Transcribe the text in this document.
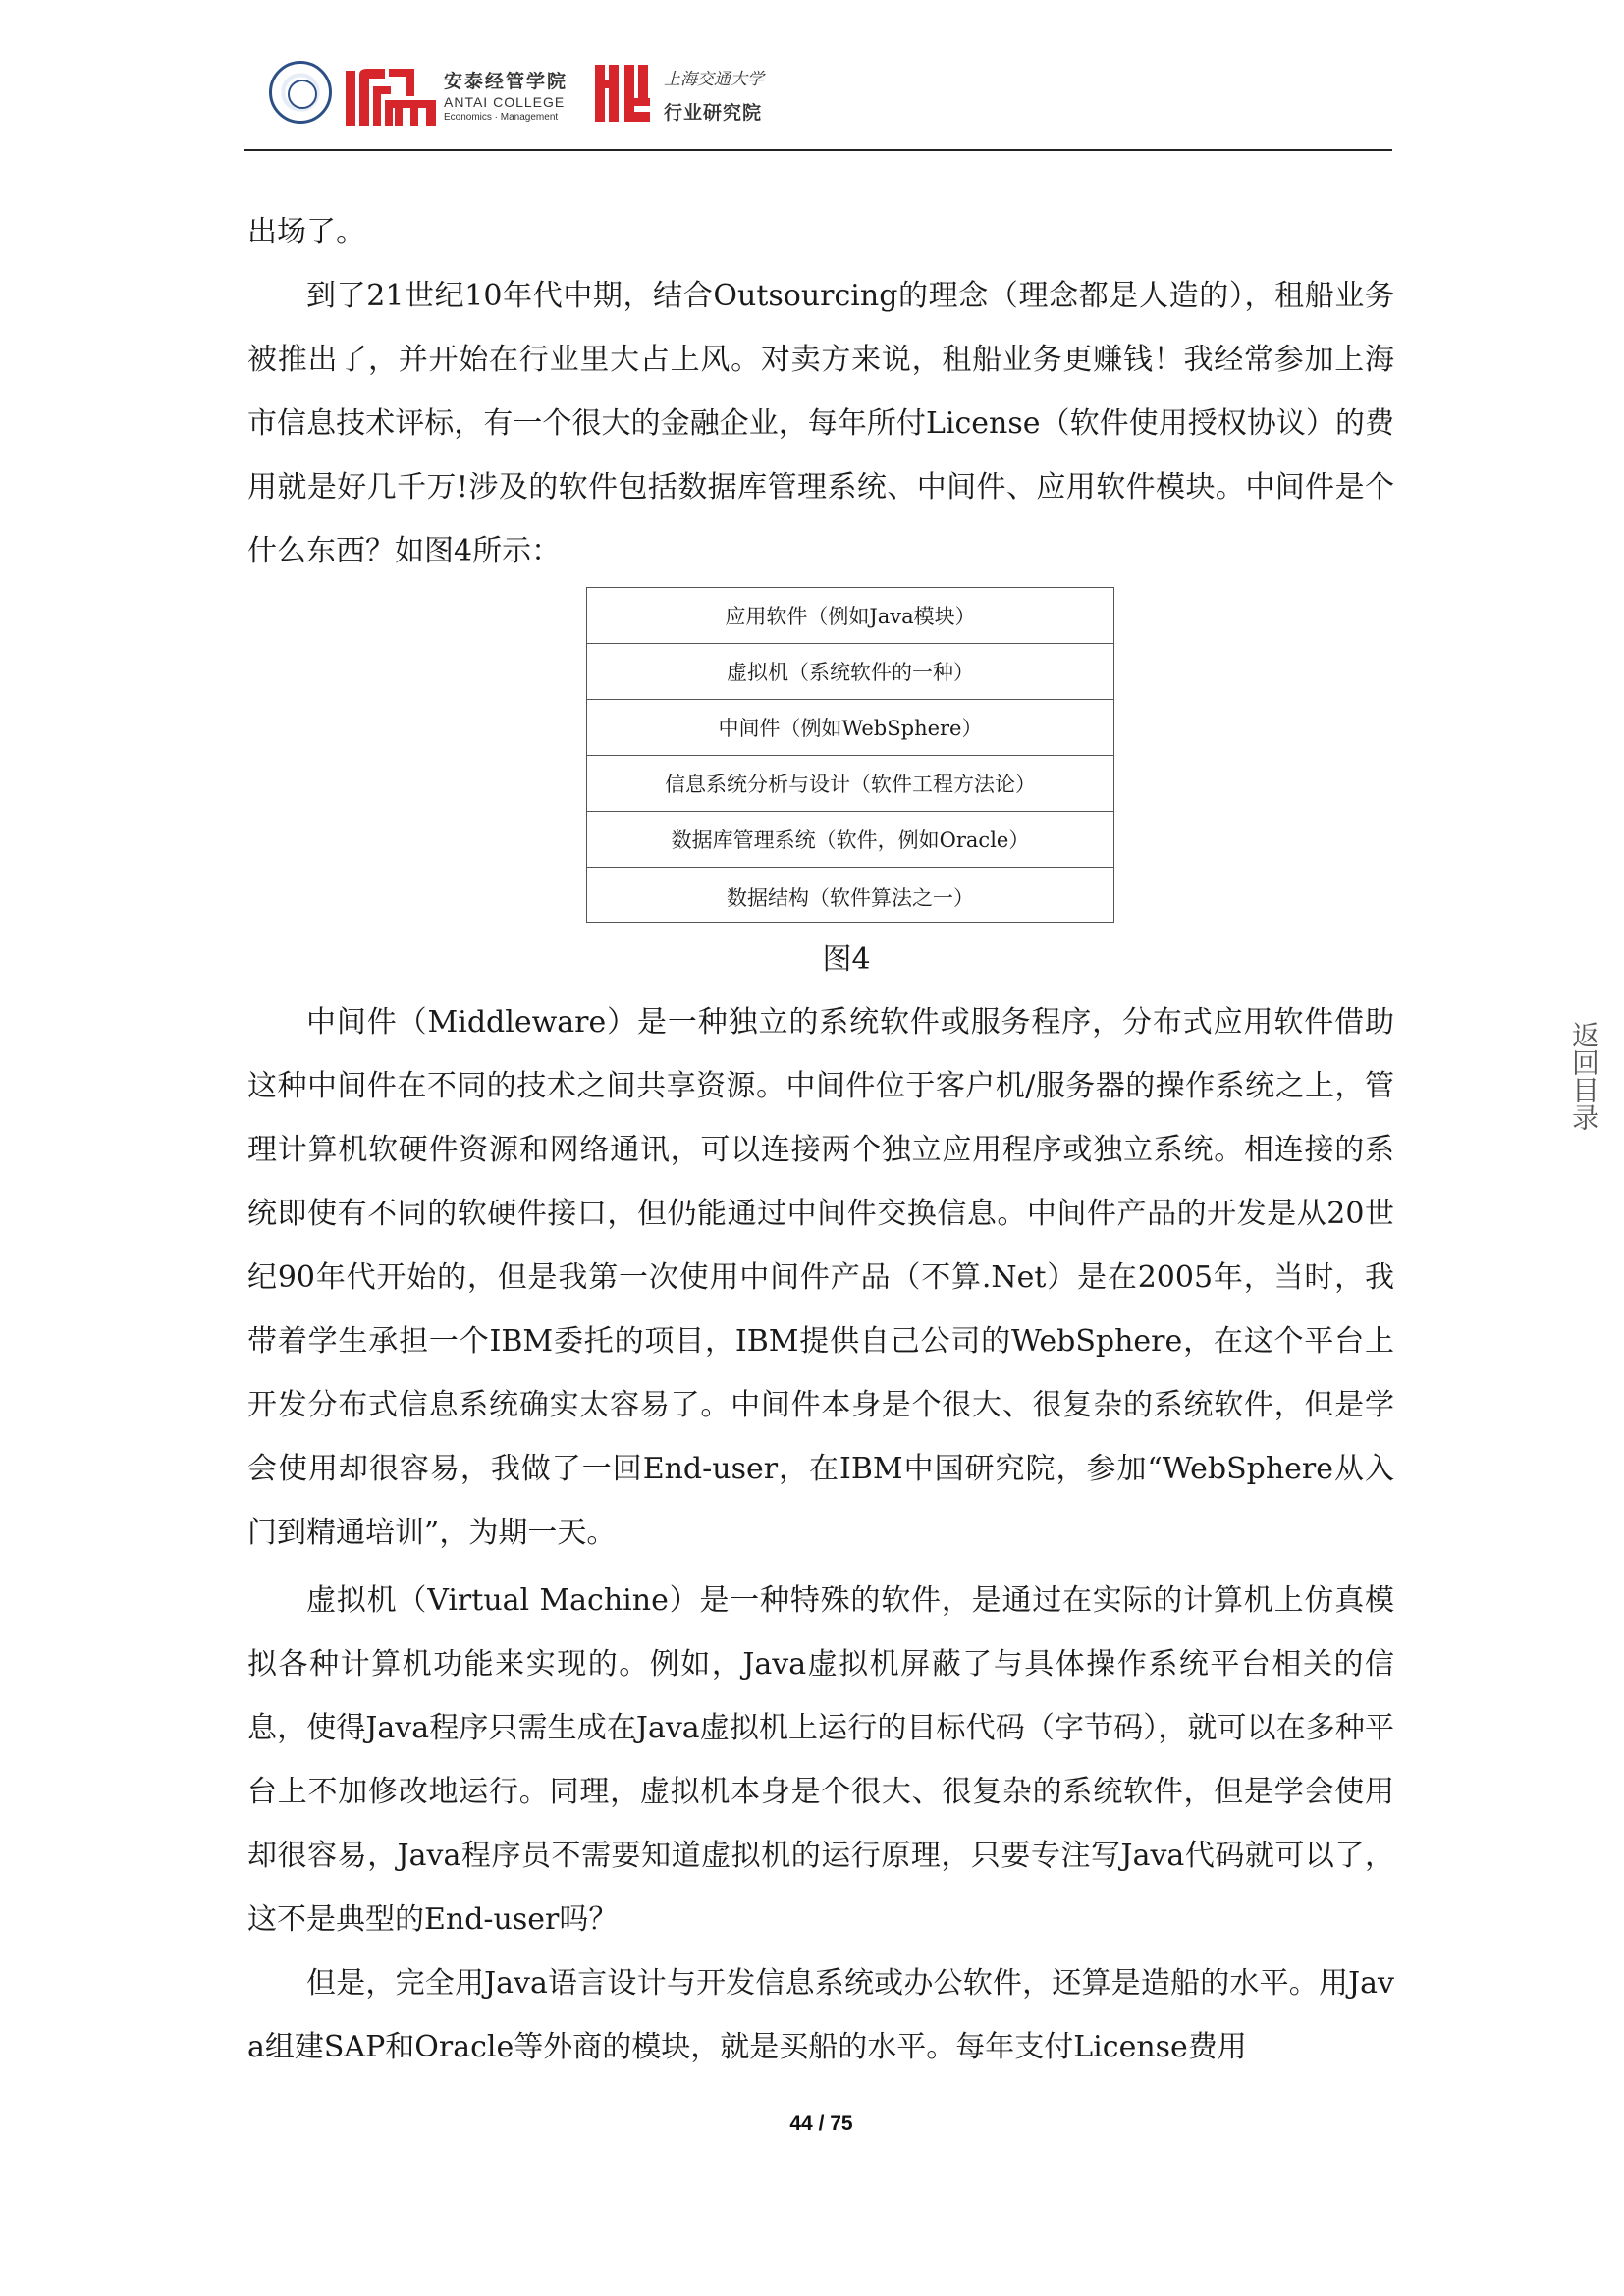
安泰经管学院
ANTAI COLLEGE
Economics · Management
上海交通大学
行业研究院

出场了。

到了21世纪10年代中期，结合Outsourcing的理念（理念都是人造的），租船业务被推出了，并开始在行业里大占上风。对卖方来说，租船业务更赚钱！我经常参加上海市信息技术评标，有一个很大的金融企业，每年所付License（软件使用授权协议）的费用就是好几千万!涉及的软件包括数据库管理系统、中间件、应用软件模块。中间件是个什么东西？如图4所示：

应用软件（例如Java模块）
虚拟机（系统软件的一种）
中间件（例如WebSphere）
信息系统分析与设计（软件工程方法论）
数据库管理系统（软件，例如Oracle）
数据结构（软件算法之一）
图4

中间件（Middleware）是一种独立的系统软件或服务程序，分布式应用软件借助这种中间件在不同的技术之间共享资源。中间件位于客户机/服务器的操作系统之上，管理计算机软硬件资源和网络通讯，可以连接两个独立应用程序或独立系统。相连接的系统即使有不同的软硬件接口，但仍能通过中间件交换信息。中间件产品的开发是从20世纪90年代开始的，但是我第一次使用中间件产品（不算.Net）是在2005年，当时，我带着学生承担一个IBM委托的项目，IBM提供自己公司的WebSphere，在这个平台上开发分布式信息系统确实太容易了。中间件本身是个很大、很复杂的系统软件，但是学会使用却很容易，我做了一回End-user，在IBM中国研究院，参加“WebSphere从入门到精通培训”，为期一天。

虚拟机（Virtual Machine）是一种特殊的软件，是通过在实际的计算机上仿真模拟各种计算机功能来实现的。例如，Java虚拟机屏蔽了与具体操作系统平台相关的信息，使得Java程序只需生成在Java虚拟机上运行的目标代码（字节码），就可以在多种平台上不加修改地运行。同理，虚拟机本身是个很大、很复杂的系统软件，但是学会使用却很容易，Java程序员不需要知道虚拟机的运行原理，只要专注写Java代码就可以了，这不是典型的End-user吗？

但是，完全用Java语言设计与开发信息系统或办公软件，还算是造船的水平。用Java组建SAP和Oracle等外商的模块，就是买船的水平。每年支付License费用

返回目录
44 / 75
